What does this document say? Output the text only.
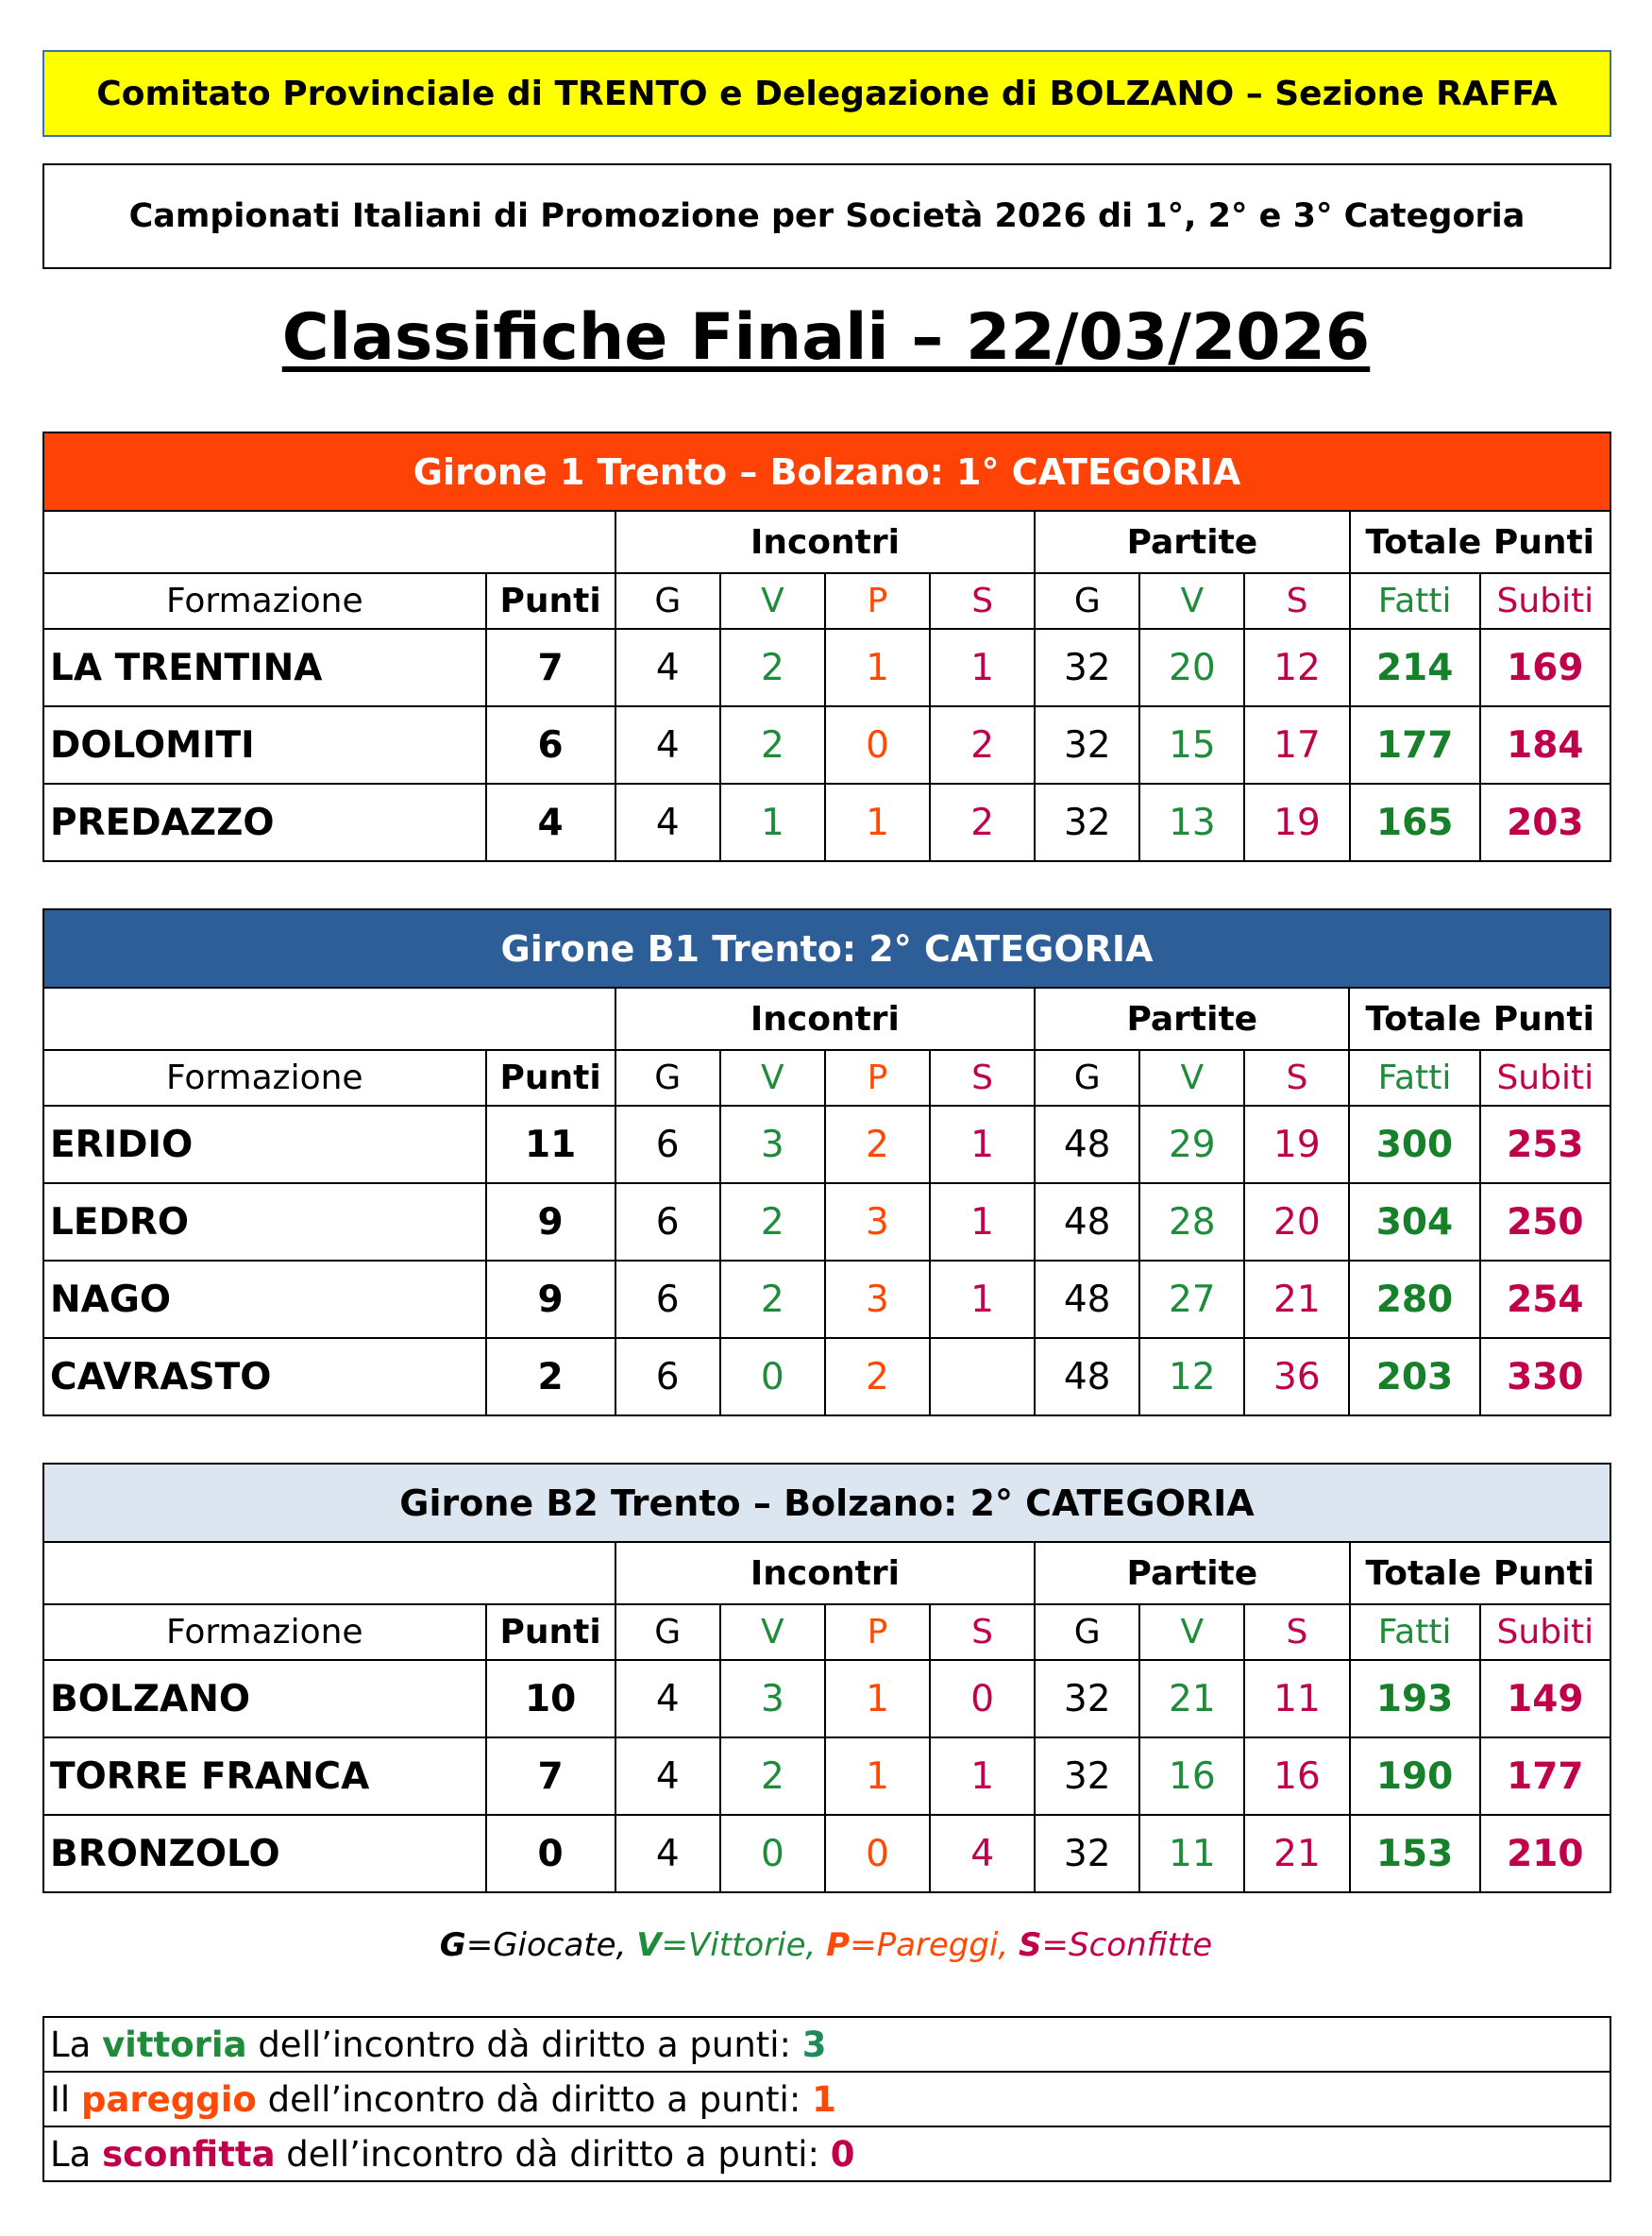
Comitato Provinciale di TRENTO e Delegazione di BOLZANO – Sezione RAFFA
Campionati Italiani di Promozione per Società 2026 di 1°, 2° e 3° Categoria
Classifiche Finali – 22/03/2026
Girone 1 Trento – Bolzano: 1° CATEGORIA										
		Incontri				Partite			Totale Punti	
Formazione	Punti	G	V	P	S	G	V	S	Fatti	Subiti
LA TRENTINA	7	4	2	1	1	32	20	12	214	169
DOLOMITI	6	4	2	0	2	32	15	17	177	184
PREDAZZO	4	4	1	1	2	32	13	19	165	203
Girone B1 Trento: 2° CATEGORIA										
		Incontri				Partite			Totale Punti	
Formazione	Punti	G	V	P	S	G	V	S	Fatti	Subiti
ERIDIO	11	6	3	2	1	48	29	19	300	253
LEDRO	9	6	2	3	1	48	28	20	304	250
NAGO	9	6	2	3	1	48	27	21	280	254
CAVRASTO	2	6	0	2		48	12	36	203	330
Girone B2 Trento – Bolzano: 2° CATEGORIA										
		Incontri				Partite			Totale Punti	
Formazione	Punti	G	V	P	S	G	V	S	Fatti	Subiti
BOLZANO	10	4	3	1	0	32	21	11	193	149
TORRE FRANCA	7	4	2	1	1	32	16	16	190	177
BRONZOLO	0	4	0	0	4	32	11	21	153	210
G=Giocate, V=Vittorie, P=Pareggi, S=Sconfitte
La vittoria dell’incontro dà diritto a punti: 3
Il pareggio dell’incontro dà diritto a punti: 1
La sconfitta dell’incontro dà diritto a punti: 0
